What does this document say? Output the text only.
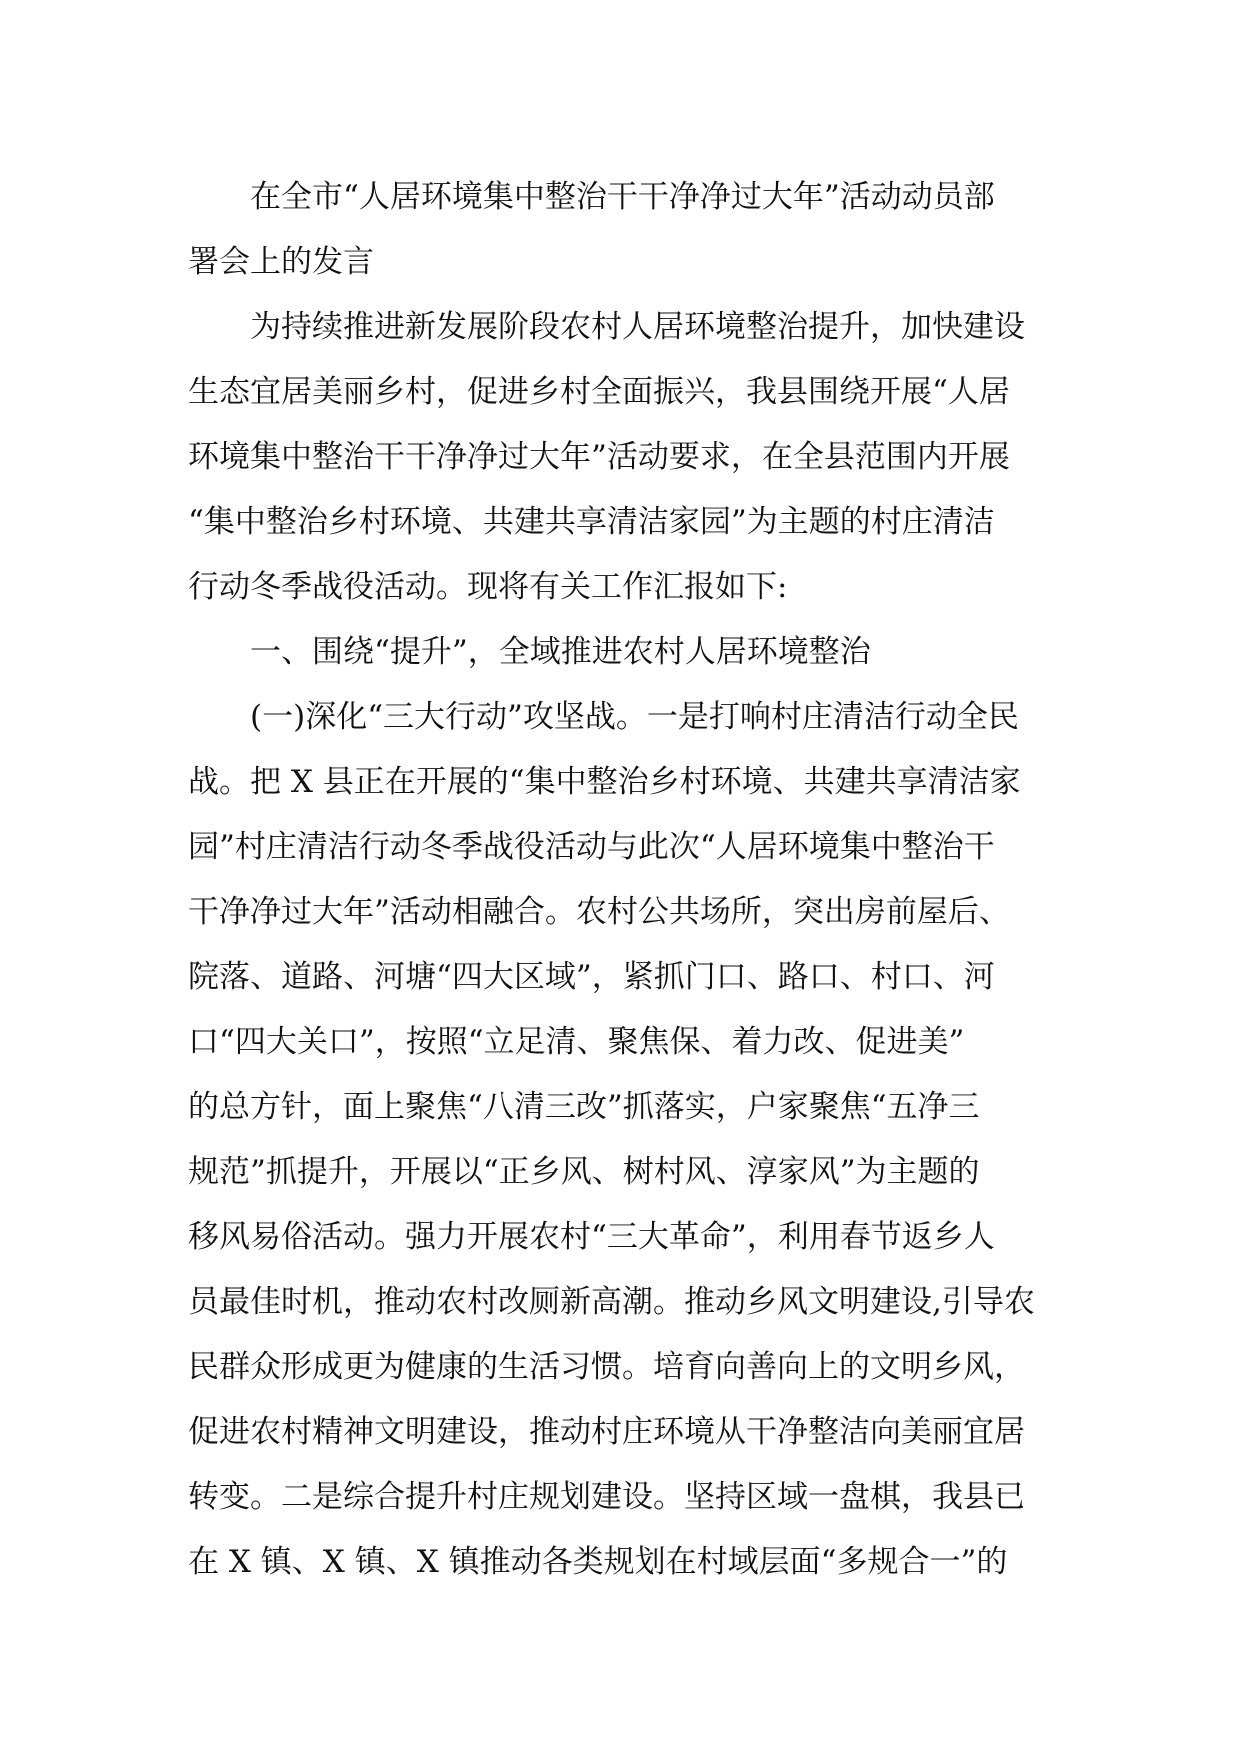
在全市“人居环境集中整治干干净净过大年”活动动员部
署会上的发言
为持续推进新发展阶段农村人居环境整治提升，加快建设
生态宜居美丽乡村，促进乡村全面振兴，我县围绕开展“人居
环境集中整治干干净净过大年”活动要求，在全县范围内开展
“集中整治乡村环境、共建共享清洁家园”为主题的村庄清洁
行动冬季战役活动。现将有关工作汇报如下:
一、围绕“提升”，全域推进农村人居环境整治
(一)深化“三大行动”攻坚战。一是打响村庄清洁行动全民
战。把 X 县正在开展的“集中整治乡村环境、共建共享清洁家
园”村庄清洁行动冬季战役活动与此次“人居环境集中整治干
干净净过大年”活动相融合。农村公共场所，突出房前屋后、
院落、道路、河塘“四大区域”，紧抓门口、路口、村口、河
口“四大关口”，按照“立足清、聚焦保、着力改、促进美”
的总方针，面上聚焦“八清三改”抓落实，户家聚焦“五净三
规范”抓提升，开展以“正乡风、树村风、淳家风”为主题的
移风易俗活动。强力开展农村“三大革命”，利用春节返乡人
员最佳时机，推动农村改厕新高潮。推动乡风文明建设,引导农
民群众形成更为健康的生活习惯。培育向善向上的文明乡风，
促进农村精神文明建设，推动村庄环境从干净整洁向美丽宜居
转变。二是综合提升村庄规划建设。坚持区域一盘棋，我县已
在 X 镇、X 镇、X 镇推动各类规划在村域层面“多规合一”的
